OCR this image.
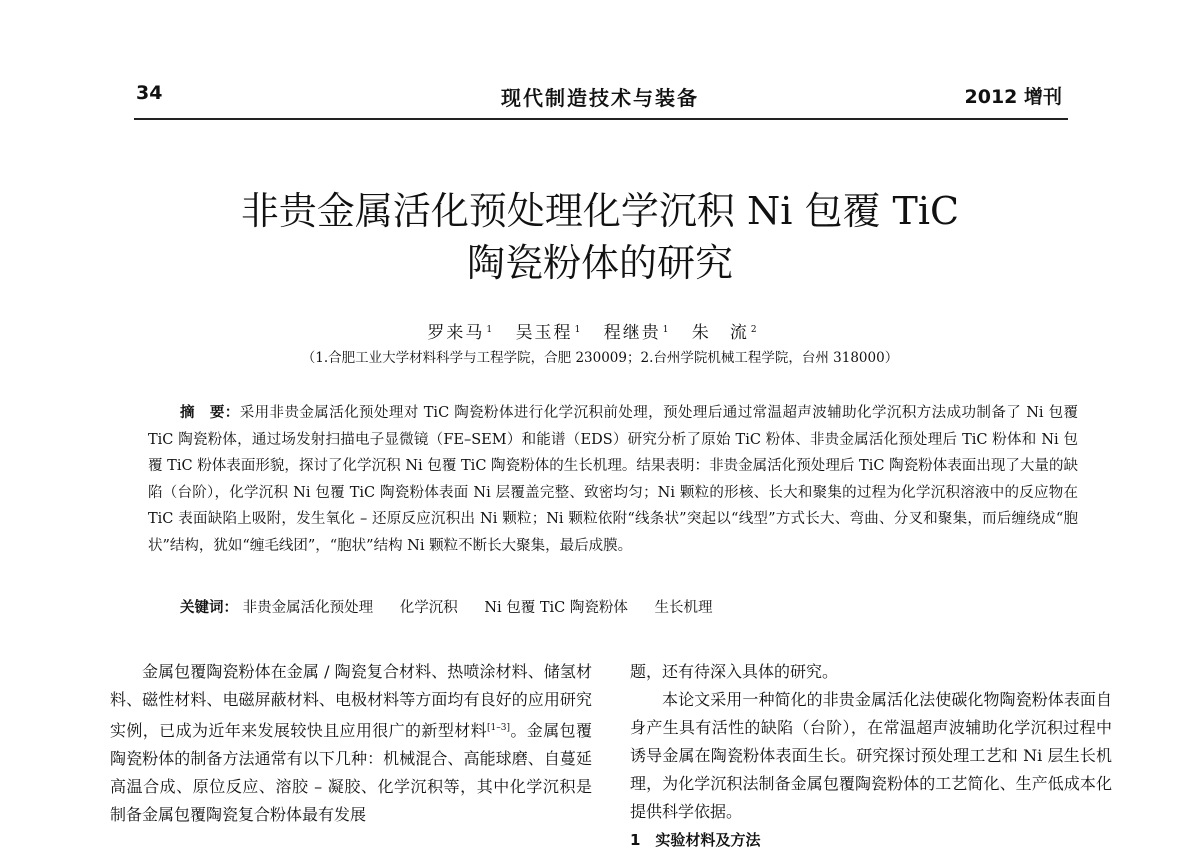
34	现代制造技术与装备	2012 增刊
非贵金属活化预处理化学沉积 Ni 包覆 TiC
陶瓷粉体的研究
罗来马 $^1$ 吴玉程 $^1$ 程继贵 $^1$ 朱　流 $^2$
（1.合肥工业大学材料科学与工程学院，合肥 230009；2.台州学院机械工程学院，台州 318000）
摘　要：采用非贵金属活化预处理对 TiC 陶瓷粉体进行化学沉积前处理，预处理后通过常温超声波辅助化学沉积方法成功制备了 Ni 包覆 TiC 陶瓷粉体，通过场发射扫描电子显微镜（FE–SEM）和能谱（EDS）研究分析了原始 TiC 粉体、非贵金属活化预处理后 TiC 粉体和 Ni 包覆 TiC 粉体表面形貌，探讨了化学沉积 Ni 包覆 TiC 陶瓷粉体的生长机理。结果表明：非贵金属活化预处理后 TiC 陶瓷粉体表面出现了大量的缺陷（台阶），化学沉积 Ni 包覆 TiC 陶瓷粉体表面 Ni 层覆盖完整、致密均匀；Ni 颗粒的形核、长大和聚集的过程为化学沉积溶液中的反应物在 TiC 表面缺陷上吸附，发生氧化 – 还原反应沉积出 Ni 颗粒；Ni 颗粒依附“线条状”突起以“线型”方式长大、弯曲、分叉和聚集，而后缠绕成“胞状”结构，犹如“缠毛线团”，“胞状”结构 Ni 颗粒不断长大聚集，最后成膜。
关键词： 非贵金属活化预处理 化学沉积 Ni 包覆 TiC 陶瓷粉体 生长机理

金属包覆陶瓷粉体在金属 / 陶瓷复合材料、热喷涂材料、储氢材料、磁性材料、电磁屏蔽材料、电极材料等方面均有良好的应用研究实例，已成为近年来发展较快且应用很广的新型材料[1–3]。金属包覆陶瓷粉体的制备方法通常有以下几种：机械混合、高能球磨、自蔓延高温合成、原位反应、溶胶 – 凝胶、化学沉积等，其中化学沉积是制备金属包覆陶瓷复合粉体最有发展

题，还有待深入具体的研究。

本论文采用一种简化的非贵金属活化法使碳化物陶瓷粉体表面自身产生具有活性的缺陷（台阶），在常温超声波辅助化学沉积过程中诱导金属在陶瓷粉体表面生长。研究探讨预处理工艺和 Ni 层生长机理，为化学沉积法制备金属包覆陶瓷粉体的工艺简化、生产低成本化提供科学依据。

1　实验材料及方法
